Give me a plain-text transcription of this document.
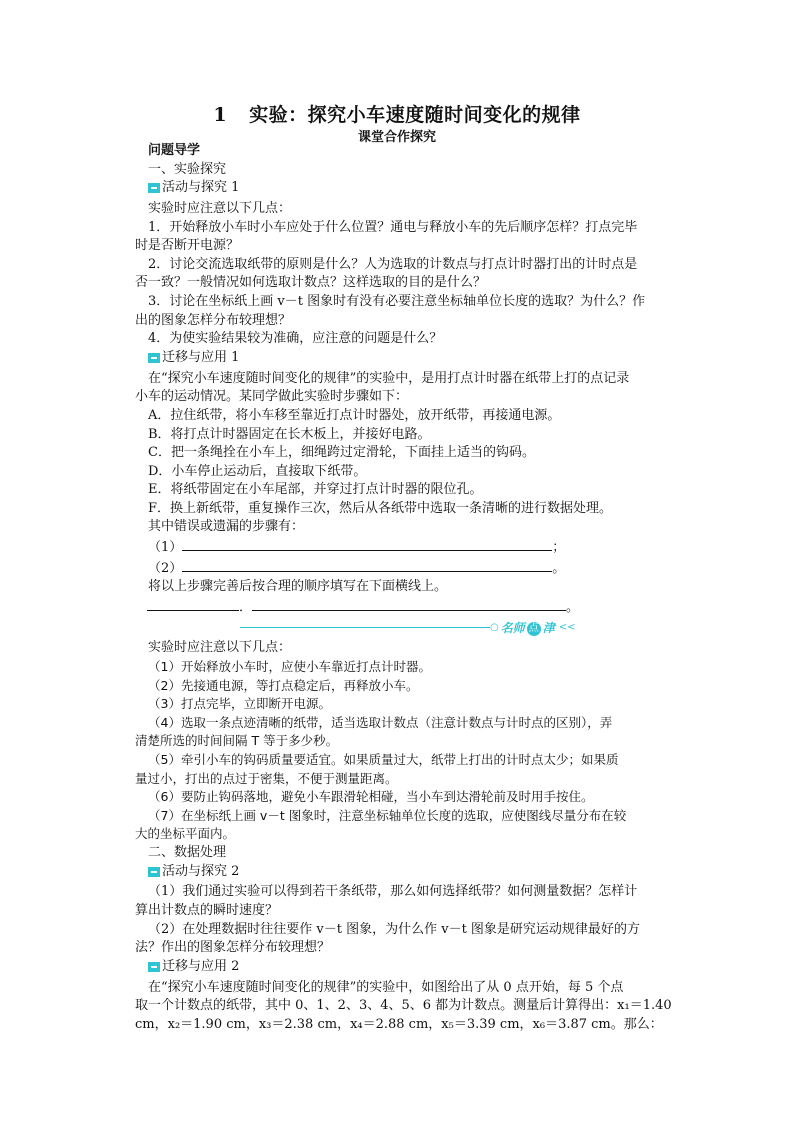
1 实验：探究小车速度随时间变化的规律
课堂合作探究
问题导学
一、实验探究
活动与探究 1
实验时应注意以下几点：
1．开始释放小车时小车应处于什么位置？通电与释放小车的先后顺序怎样？打点完毕
时是否断开电源？
2．讨论交流选取纸带的原则是什么？人为选取的计数点与打点计时器打出的计时点是
否一致？一般情况如何选取计数点？这样选取的目的是什么？
3．讨论在坐标纸上画 v－t 图象时有没有必要注意坐标轴单位长度的选取？为什么？作
出的图象怎样分布较理想？
4．为使实验结果较为准确，应注意的问题是什么？
迁移与应用 1
在“探究小车速度随时间变化的规律”的实验中，是用打点计时器在纸带上打的点记录
小车的运动情况。某同学做此实验时步骤如下：
A．拉住纸带，将小车移至靠近打点计时器处，放开纸带，再接通电源。
B．将打点计时器固定在长木板上，并接好电路。
C．把一条绳拴在小车上，细绳跨过定滑轮，下面挂上适当的钩码。
D．小车停止运动后，直接取下纸带。
E．将纸带固定在小车尾部，并穿过打点计时器的限位孔。
F．换上新纸带，重复操作三次，然后从各纸带中选取一条清晰的进行数据处理。
其中错误或遗漏的步骤有：
（1）	；
（2）	。
将以上步骤完善后按合理的顺序填写在下面横线上。
．	。
○ 名师 点 津 <<
实验时应注意以下几点：
（1）开始释放小车时，应使小车靠近打点计时器。
（2）先接通电源，等打点稳定后，再释放小车。
（3）打点完毕，立即断开电源。
（4）选取一条点迹清晰的纸带，适当选取计数点（注意计数点与计时点的区别），弄
清楚所选的时间间隔 T 等于多少秒。
（5）牵引小车的钩码质量要适宜。如果质量过大，纸带上打出的计时点太少；如果质
量过小，打出的点过于密集，不便于测量距离。
（6）要防止钩码落地，避免小车跟滑轮相碰，当小车到达滑轮前及时用手按住。
（7）在坐标纸上画 v－t 图象时，注意坐标轴单位长度的选取，应使图线尽量分布在较
大的坐标平面内。
二、数据处理
活动与探究 2
（1）我们通过实验可以得到若干条纸带，那么如何选择纸带？如何测量数据？怎样计
算出计数点的瞬时速度？
（2）在处理数据时往往要作 v－t 图象，为什么作 v－t 图象是研究运动规律最好的方
法？作出的图象怎样分布较理想？
迁移与应用 2
在“探究小车速度随时间变化的规律”的实验中，如图给出了从 0 点开始，每 5 个点
取一个计数点的纸带，其中 0、1、2、3、4、5、6 都为计数点。测量后计算得出：x₁＝1.40
cm，x₂＝1.90 cm，x₃＝2.38 cm，x₄＝2.88 cm，x₅＝3.39 cm，x₆＝3.87 cm。那么：
